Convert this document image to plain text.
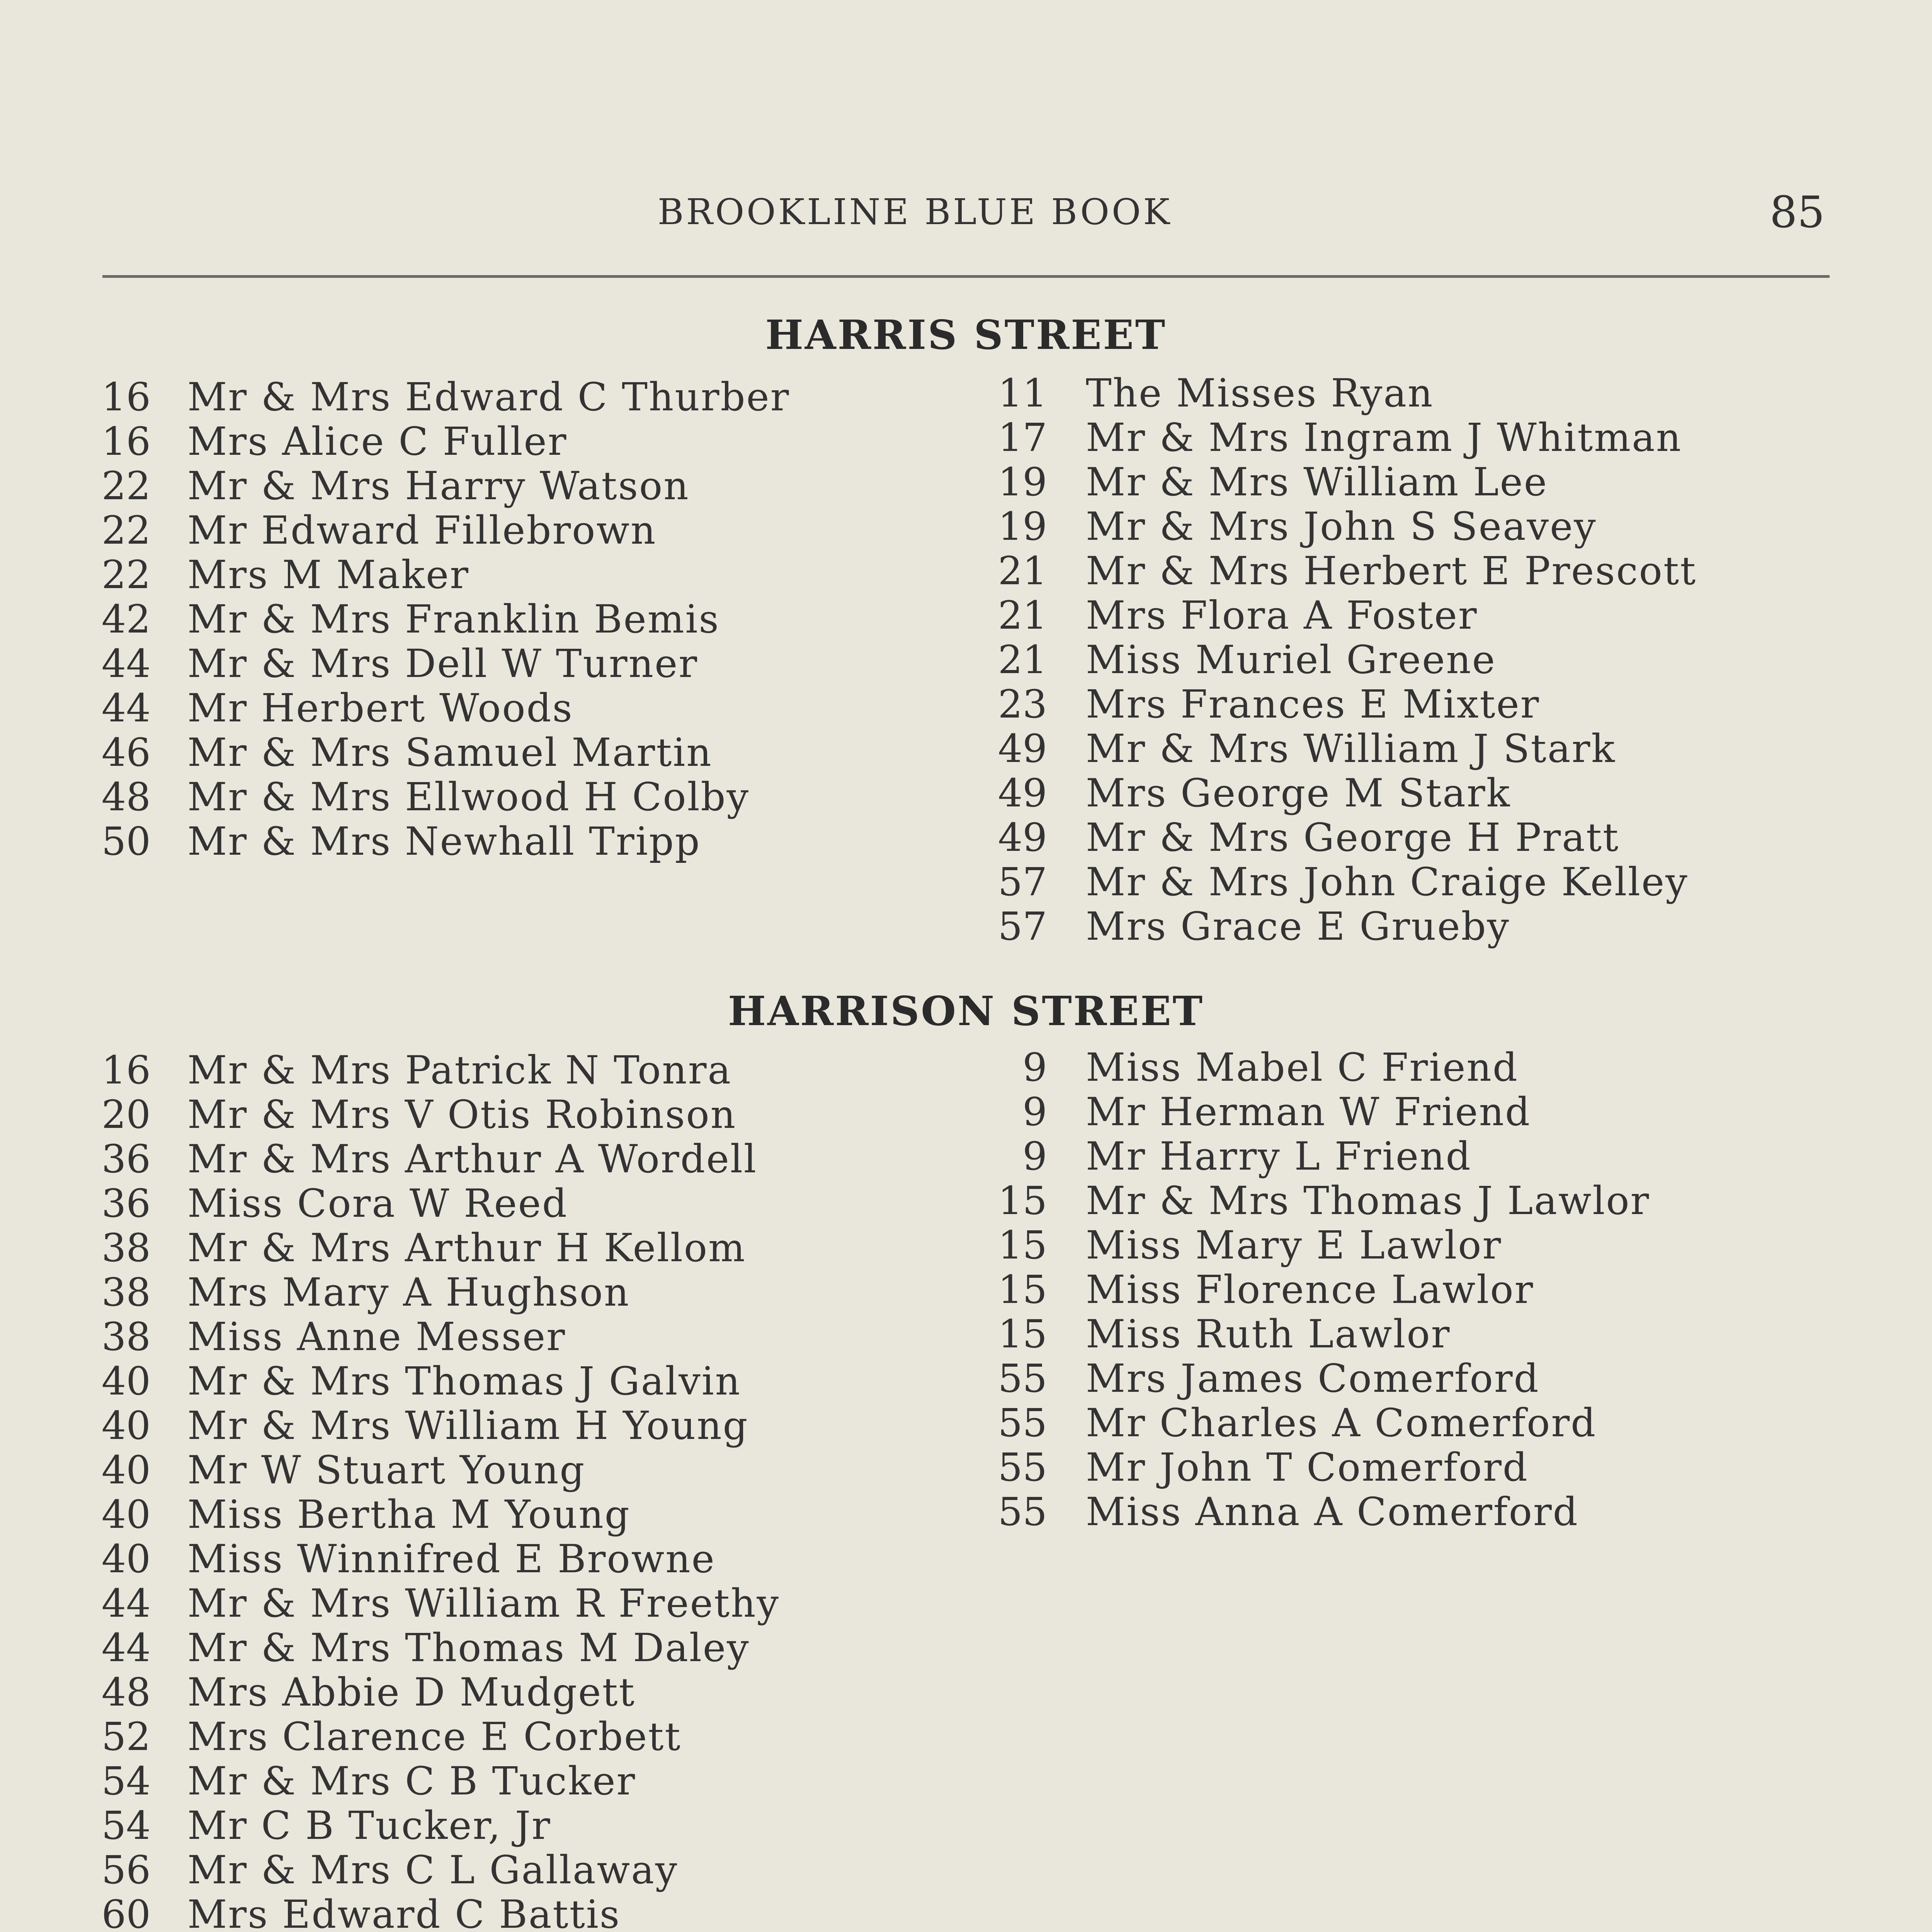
BROOKLINE BLUE BOOK	85
HARRIS STREET
16 Mr & Mrs Edward C Thurber
16 Mrs Alice C Fuller
22 Mr & Mrs Harry Watson
22 Mr Edward Fillebrown
22 Mrs M Maker
42 Mr & Mrs Franklin Bemis
44 Mr & Mrs Dell W Turner
44 Mr Herbert Woods
46 Mr & Mrs Samuel Martin
48 Mr & Mrs Ellwood H Colby
50 Mr & Mrs Newhall Tripp
11 The Misses Ryan
17 Mr & Mrs Ingram J Whitman
19 Mr & Mrs William Lee
19 Mr & Mrs John S Seavey
21 Mr & Mrs Herbert E Prescott
21 Mrs Flora A Foster
21 Miss Muriel Greene
23 Mrs Frances E Mixter
49 Mr & Mrs William J Stark
49 Mrs George M Stark
49 Mr & Mrs George H Pratt
57 Mr & Mrs John Craige Kelley
57 Mrs Grace E Grueby
HARRISON STREET
16 Mr & Mrs Patrick N Tonra
20 Mr & Mrs V Otis Robinson
36 Mr & Mrs Arthur A Wordell
36 Miss Cora W Reed
38 Mr & Mrs Arthur H Kellom
38 Mrs Mary A Hughson
38 Miss Anne Messer
40 Mr & Mrs Thomas J Galvin
40 Mr & Mrs William H Young
40 Mr W Stuart Young
40 Miss Bertha M Young
40 Miss Winnifred E Browne
44 Mr & Mrs William R Freethy
44 Mr & Mrs Thomas M Daley
48 Mrs Abbie D Mudgett
52 Mrs Clarence E Corbett
54 Mr & Mrs C B Tucker
54 Mr C B Tucker, Jr
56 Mr & Mrs C L Gallaway
60 Mrs Edward C Battis
9 Miss Mabel C Friend
9 Mr Herman W Friend
9 Mr Harry L Friend
15 Mr & Mrs Thomas J Lawlor
15 Miss Mary E Lawlor
15 Miss Florence Lawlor
15 Miss Ruth Lawlor
55 Mrs James Comerford
55 Mr Charles A Comerford
55 Mr John T Comerford
55 Miss Anna A Comerford
